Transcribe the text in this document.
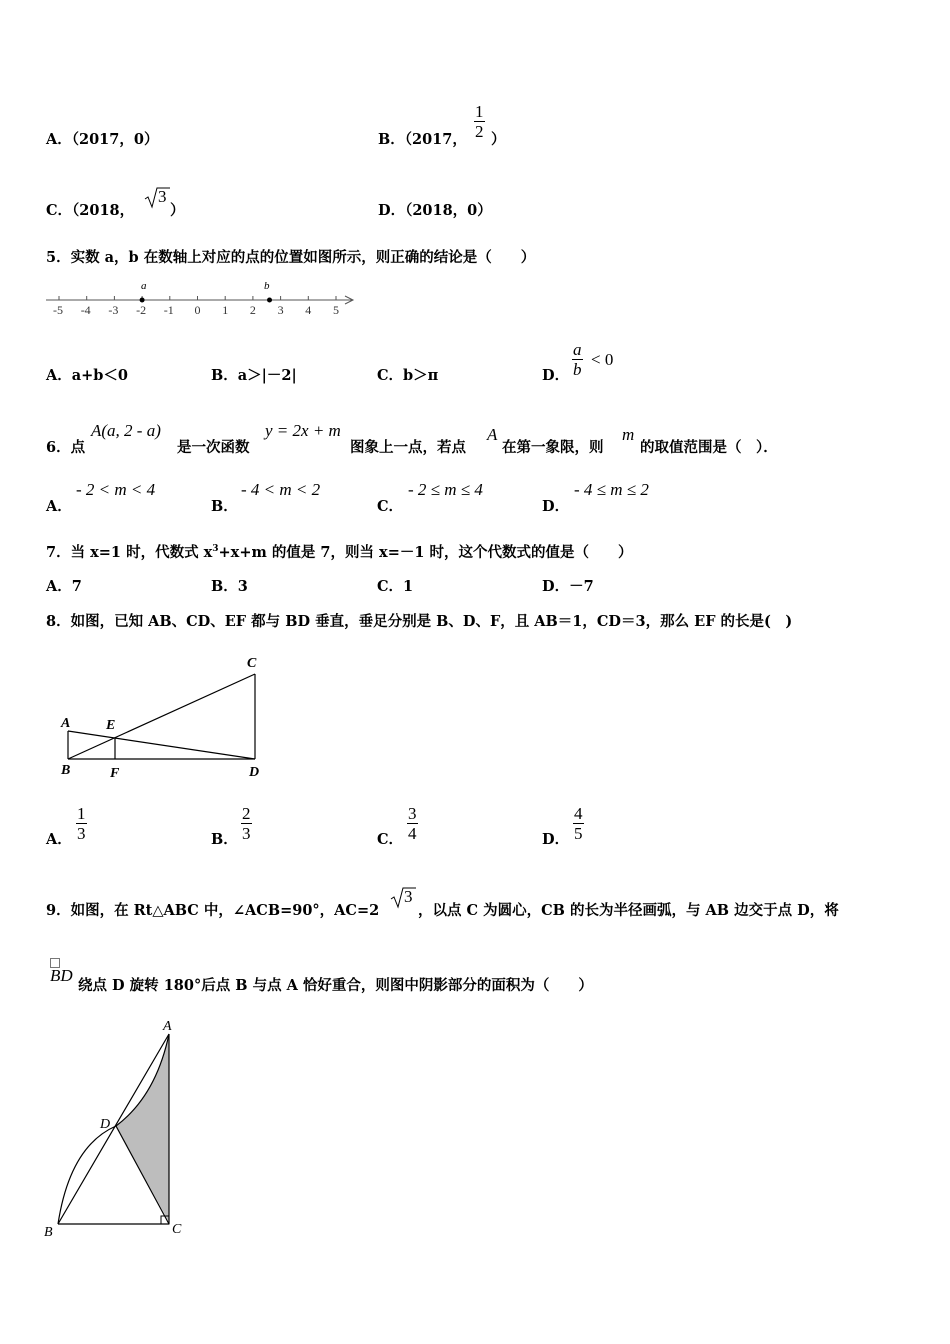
A．（2017，0）	B．（2017，
1
2 ）
C．（2018，
3
）	D．（2018，0）
5．实数 a，b 在数轴上对应的点的位置如图所示，则正确的结论是（　　）
-5 -4 -3 -2 -1 0 1 2 3 4 5
a	b
A．a+b＜0	B．a＞|－2|	C．b＞π	D．
a
b
< 0
6．点
A(a, 2 - a)
是一次函数
y = 2x + m
图象上一点，若点
A
在第一象限，则
m
的取值范围是（　）．
A．
- 2 < m < 4
B．
- 4 < m < 2
C．
- 2 ≤ m ≤ 4
D．
- 4 ≤ m ≤ 2
7．当 x=1 时，代数式 $x^3+x+m$ 的值是 7，则当 x=－1 时，这个代数式的值是（　　）
A．7	B．3	C．1	D．－7
8．如图，已知 AB、CD、EF 都与 BD 垂直，垂足分别是 B、D、F，且 AB＝1，CD＝3，那么 EF 的长是(　)
A
B
C
D
E
F
A．
1
3	B．
2
3	C．
3
4	D．
4
5
9．如图，在 Rt△ABC 中，∠ACB=90°，AC=2
3
，以点 C 为圆心，CB 的长为半径画弧，与 AB 边交于点 D，将
BD
绕点 D 旋转 180°后点 B 与点 A 恰好重合，则图中阴影部分的面积为（　　）
A
B	C
D
